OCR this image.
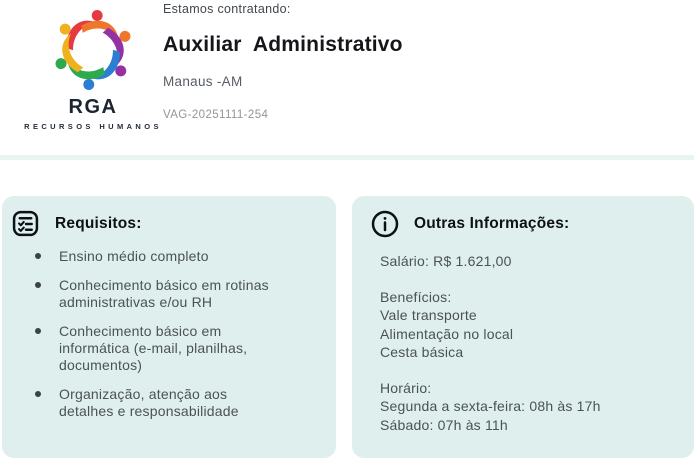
RGA
RECURSOS HUMANOS
Estamos contratando:
Auxiliar Administrativo
Manaus -AM
VAG-20251111-254
Requisitos:
Ensino médio completo
Conhecimento básico em rotinas administrativas e/ou RH
Conhecimento básico em informática (e-mail, planilhas, documentos)
Organização, atenção aos detalhes e responsabilidade
Outras Informações:
Salário: R$ 1.621,00
Benefícios:
Vale transporte
Alimentação no local
Cesta básica
Horário:
Segunda a sexta-feira: 08h às 17h
Sábado: 07h às 11h
